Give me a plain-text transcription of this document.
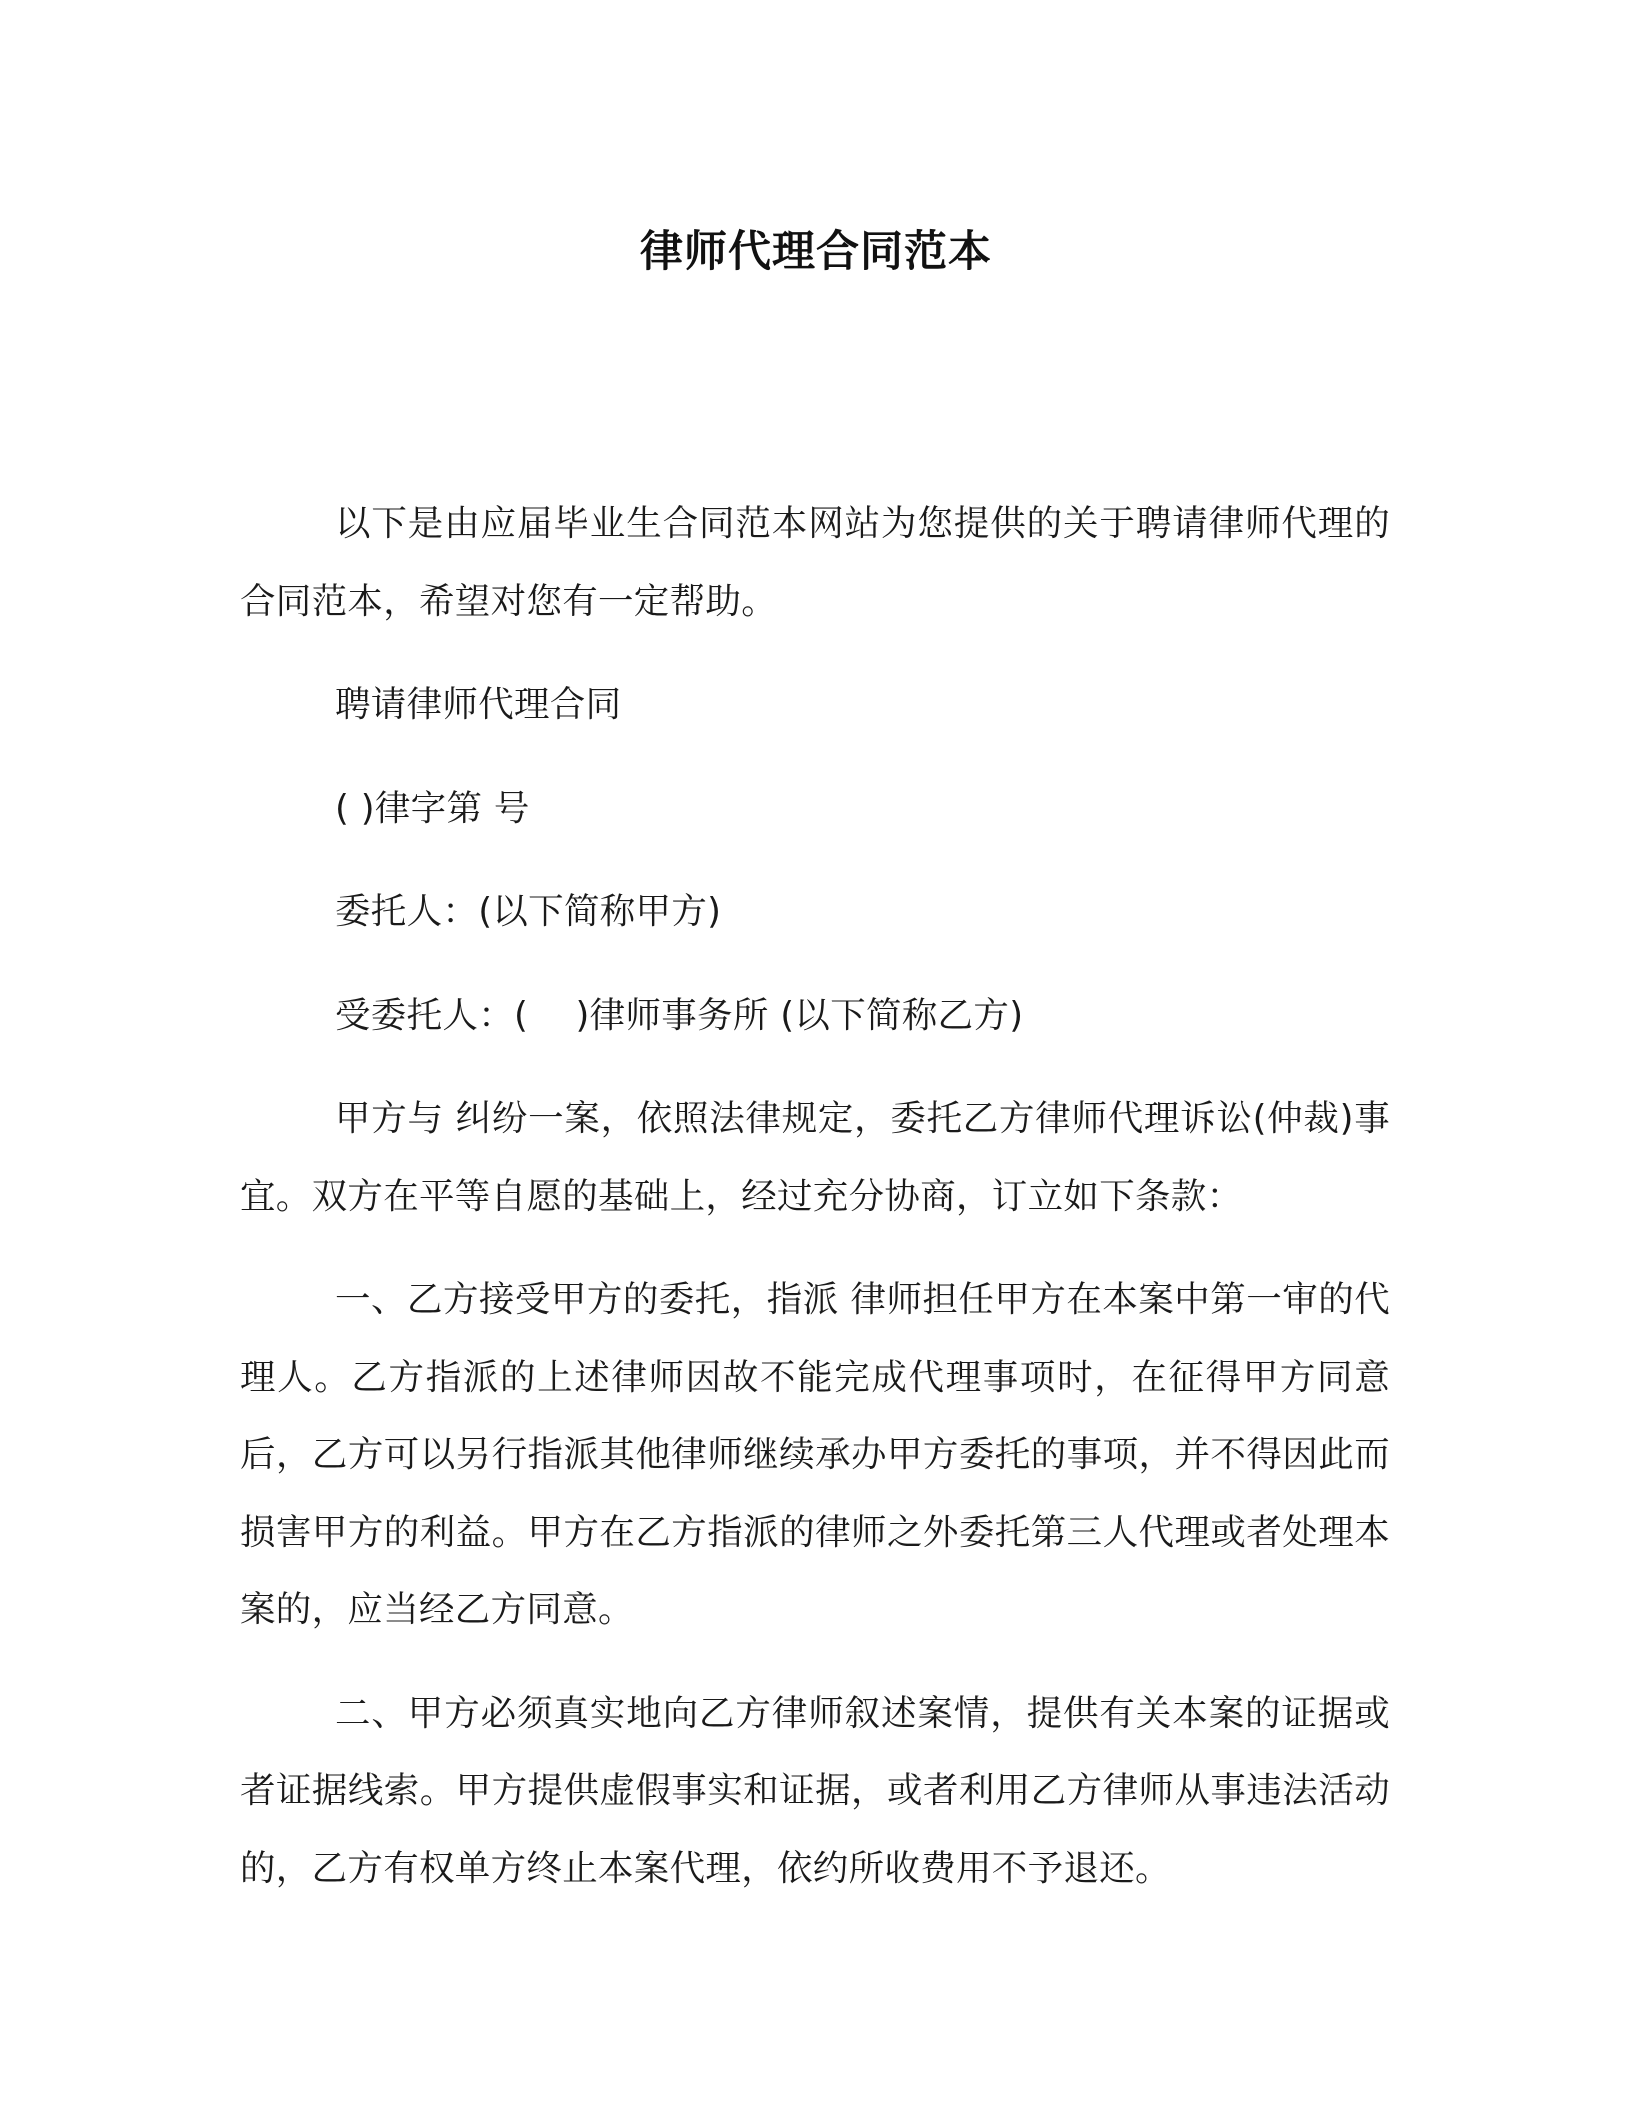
律师代理合同范本

以下是由应届毕业生合同范本网站为您提供的关于聘请律师代理的合同范本，希望对您有一定帮助。

聘请律师代理合同

( )律字第 号

委托人：(以下简称甲方)

受委托人：(　 )律师事务所 (以下简称乙方)

甲方与 纠纷一案，依照法律规定，委托乙方律师代理诉讼(仲裁)事宜。双方在平等自愿的基础上，经过充分协商，订立如下条款：

一、乙方接受甲方的委托，指派 律师担任甲方在本案中第一审的代理人。乙方指派的上述律师因故不能完成代理事项时，在征得甲方同意后，乙方可以另行指派其他律师继续承办甲方委托的事项，并不得因此而损害甲方的利益。甲方在乙方指派的律师之外委托第三人代理或者处理本案的，应当经乙方同意。

二、甲方必须真实地向乙方律师叙述案情，提供有关本案的证据或者证据线索。甲方提供虚假事实和证据，或者利用乙方律师从事违法活动的，乙方有权单方终止本案代理，依约所收费用不予退还。
